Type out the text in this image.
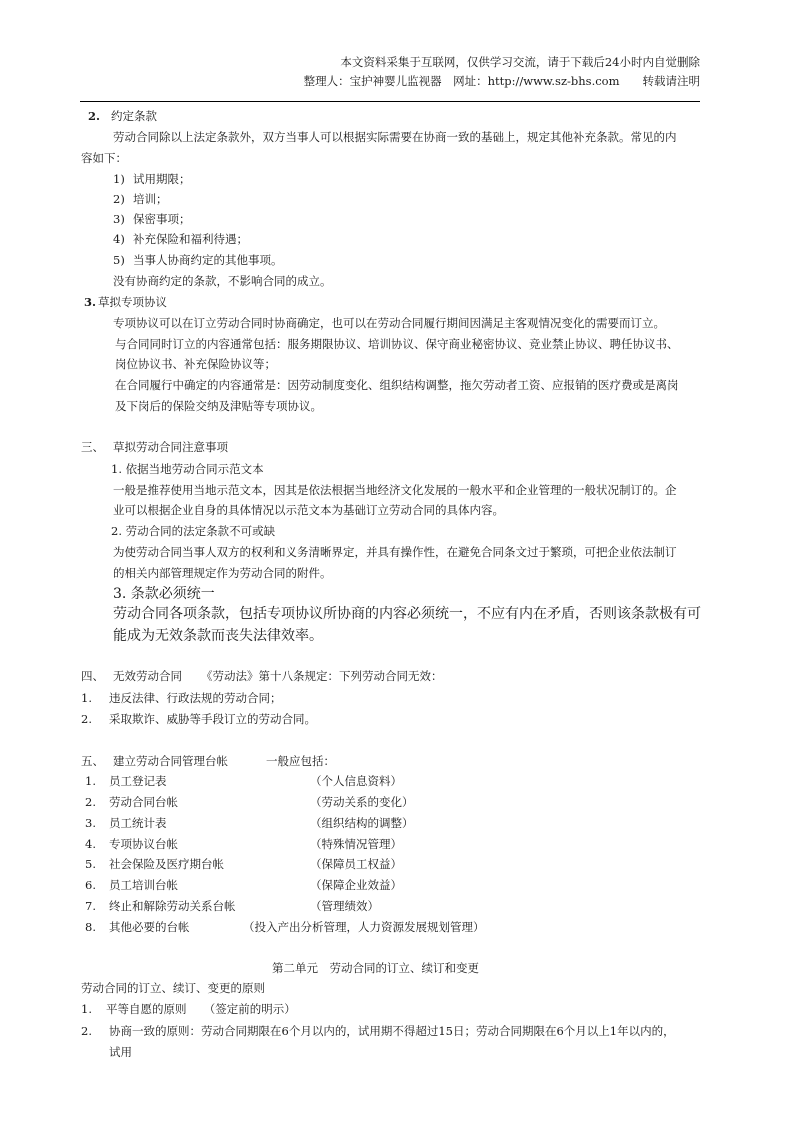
本文资料采集于互联网，仅供学习交流，请于下载后24小时内自觉删除
整理人：宝护神婴儿监视器　网址：http://www.sz-bhs.com　　转载请注明
2. 约定条款
劳动合同除以上法定条款外，双方当事人可以根据实际需要在协商一致的基础上，规定其他补充条款。常见的内
容如下：
1) 试用期限；
2) 培训；
3) 保密事项；
4) 补充保险和福利待遇；
5) 当事人协商约定的其他事项。
没有协商约定的条款，不影响合同的成立。
3. 草拟专项协议
专项协议可以在订立劳动合同时协商确定，也可以在劳动合同履行期间因满足主客观情况变化的需要而订立。
与合同同时订立的内容通常包括：服务期限协议、培训协议、保守商业秘密协议、竞业禁止协议、聘任协议书、
岗位协议书、补充保险协议等；
在合同履行中确定的内容通常是：因劳动制度变化、组织结构调整，拖欠劳动者工资、应报销的医疗费或是离岗
及下岗后的保险交纳及津贴等专项协议。
三、 草拟劳动合同注意事项
1. 依据当地劳动合同示范文本
一般是推荐使用当地示范文本，因其是依法根据当地经济文化发展的一般水平和企业管理的一般状况制订的。企
业可以根据企业自身的具体情况以示范文本为基础订立劳动合同的具体内容。
2. 劳动合同的法定条款不可或缺
为使劳动合同当事人双方的权利和义务清晰界定，并具有操作性，在避免合同条文过于繁琐，可把企业依法制订
的相关内部管理规定作为劳动合同的附件。
3. 条款必须统一
劳动合同各项条款，包括专项协议所协商的内容必须统一，不应有内在矛盾，否则该条款极有可
能成为无效条款而丧失法律效率。
四、 无效劳动合同 《劳动法》第十八条规定：下列劳动合同无效：
1. 违反法律、行政法规的劳动合同；
2. 采取欺诈、威胁等手段订立的劳动合同。
五、 建立劳动合同管理台帐	一般应包括：
1. 员工登记表	（个人信息资料）
2. 劳动合同台帐	（劳动关系的变化）
3. 员工统计表	（组织结构的调整）
4. 专项协议台帐	（特殊情况管理）
5. 社会保险及医疗期台帐	（保障员工权益）
6. 员工培训台帐	（保障企业效益）
7. 终止和解除劳动关系台帐	（管理绩效）
8. 其他必要的台帐	（投入产出分析管理，人力资源发展规划管理）
第二单元　劳动合同的订立、续订和变更
劳动合同的订立、续订、变更的原则
1. 平等自愿的原则　　（签定前的明示）
2. 协商一致的原则：劳动合同期限在6个月以内的，试用期不得超过15日；劳动合同期限在6个月以上1年以内的，
试用
